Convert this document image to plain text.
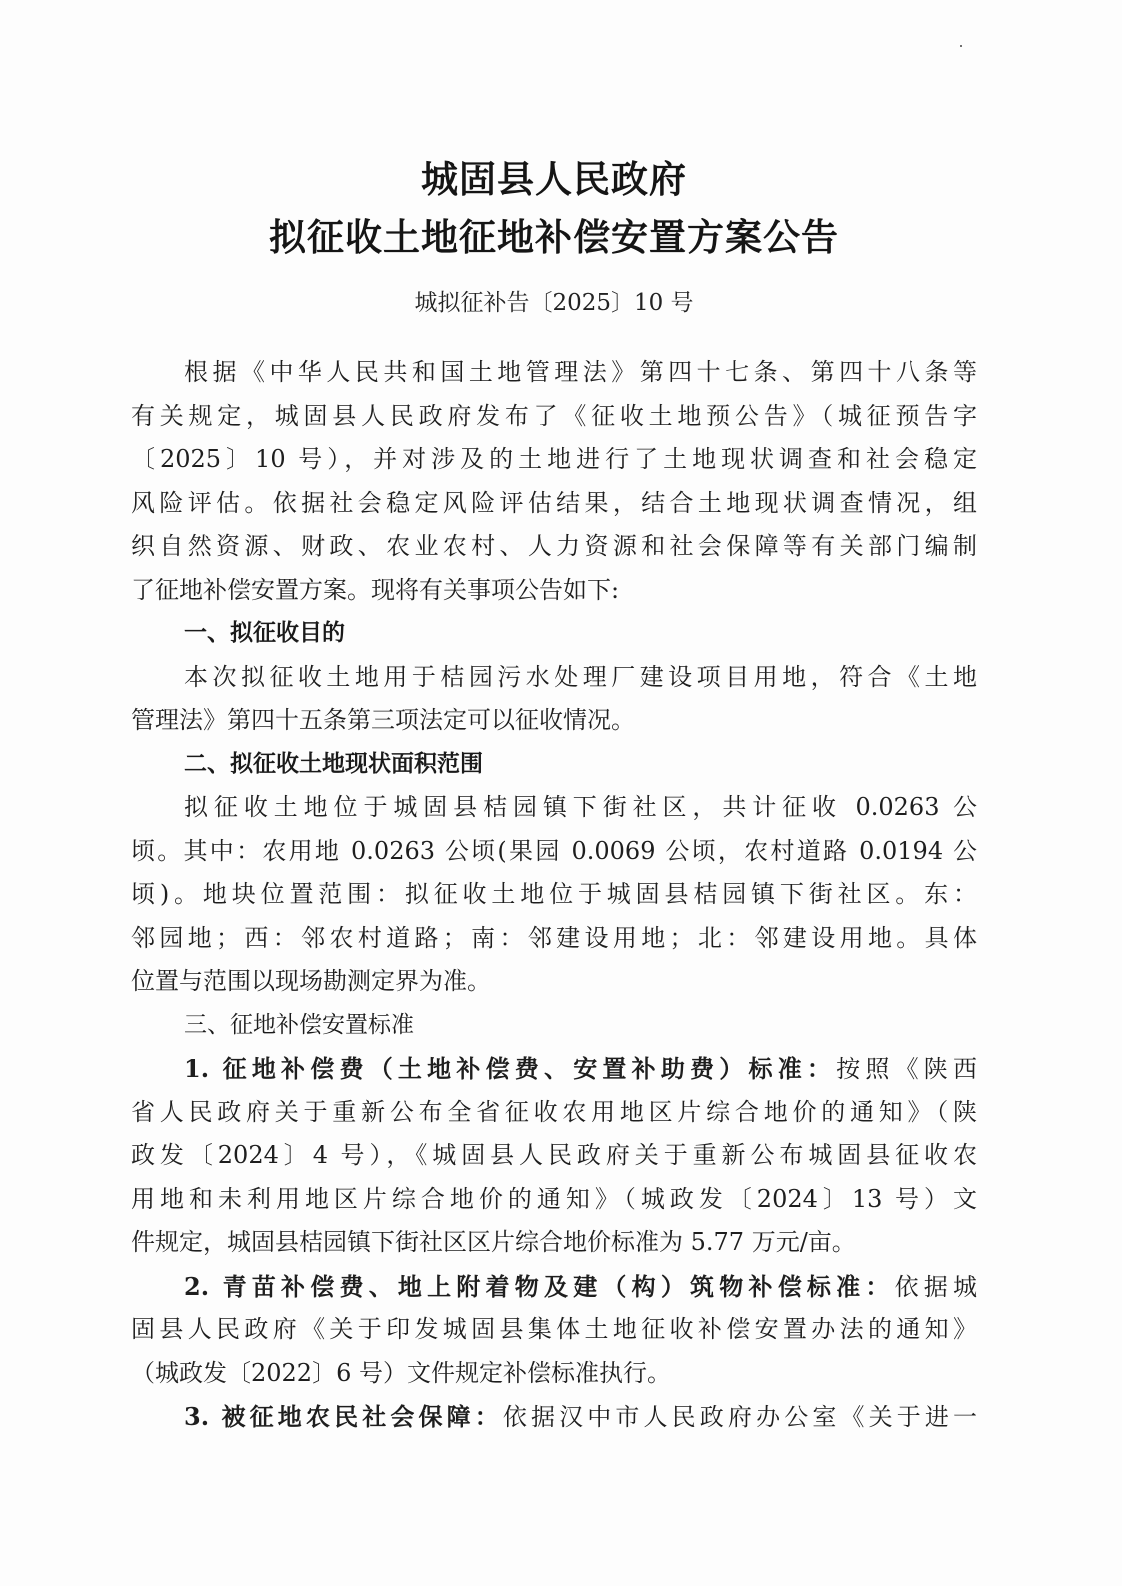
城固县人民政府
拟征收土地征地补偿安置方案公告
城拟征补告〔2025〕10 号
根据《中华人民共和国土地管理法》第四十七条、第四十八条等
有关规定，城固县人民政府发布了《征收土地预公告》（城征预告字
〔2025〕10 号），并对涉及的土地进行了土地现状调查和社会稳定
风险评估。依据社会稳定风险评估结果，结合土地现状调查情况，组
织自然资源、财政、农业农村、人力资源和社会保障等有关部门编制
了征地补偿安置方案。现将有关事项公告如下:
一、拟征收目的
本次拟征收土地用于桔园污水处理厂建设项目用地，符合《土地
管理法》第四十五条第三项法定可以征收情况。
二、拟征收土地现状面积范围
拟征收土地位于城固县桔园镇下街社区，共计征收 0.0263 公
顷。其中：农用地 0.0263 公顷(果园 0.0069 公顷，农村道路 0.0194 公
顷)。地块位置范围：拟征收土地位于城固县桔园镇下街社区。东：
邻园地；西：邻农村道路；南：邻建设用地；北：邻建设用地。具体
位置与范围以现场勘测定界为准。
三、征地补偿安置标准
1. 征地补偿费（土地补偿费、安置补助费）标准：按照《陕西
省人民政府关于重新公布全省征收农用地区片综合地价的通知》（陕
政发〔2024〕4 号），《城固县人民政府关于重新公布城固县征收农
用地和未利用地区片综合地价的通知》（城政发〔2024〕13 号）文
件规定，城固县桔园镇下街社区区片综合地价标准为 5.77 万元/亩。
2. 青苗补偿费、地上附着物及建（构）筑物补偿标准：依据城
固县人民政府《关于印发城固县集体土地征收补偿安置办法的通知》
（城政发〔2022〕6 号）文件规定补偿标准执行。
3. 被征地农民社会保障：依据汉中市人民政府办公室《关于进一
